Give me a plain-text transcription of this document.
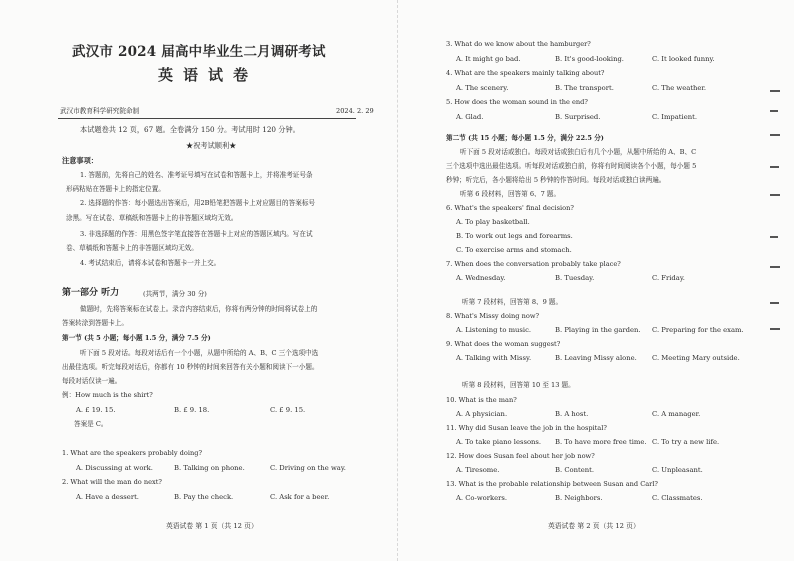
武汉市 2024 届高中毕业生二月调研考试
英语试卷
武汉市教育科学研究院命制	2024. 2. 29
本试题卷共 12 页，67 题。全卷满分 150 分。考试用时 120 分钟。
★祝考试顺利★
注意事项：
1. 答题前，先将自己的姓名、准考证号填写在试卷和答题卡上，并将准考证号条
形码粘贴在答题卡上的指定位置。
2. 选择题的作答：每小题选出答案后，用2B铅笔把答题卡上对应题目的答案标号
涂黑。写在试卷、草稿纸和答题卡上的非答题区域均无效。
3. 非选择题的作答：用黑色签字笔直接答在答题卡上对应的答题区域内。写在试
卷、草稿纸和答题卡上的非答题区域均无效。
4. 考试结束后，请将本试卷和答题卡一并上交。
第一部分 听力	(共两节，满分 30 分)
做题时，先将答案标在试卷上。录音内容结束后，你将有两分钟的时间将试卷上的
答案转涂到答题卡上。
第一节 (共 5 小题；每小题 1.5 分，满分 7.5 分)
听下面 5 段对话。每段对话后有一个小题，从题中所给的 A、B、C 三个选项中选
出最佳选项。听完每段对话后，你都有 10 秒钟的时间来回答有关小题和阅读下一小题。
每段对话仅读一遍。
例：How much is the shirt?
A. £ 19. 15.	B. £ 9. 18.	C. £ 9. 15.
答案是 C。
1. What are the speakers probably doing?
A. Discussing at work.	B. Talking on phone.	C. Driving on the way.
2. What will the man do next?
A. Have a dessert.	B. Pay the check.	C. Ask for a beer.
英语试卷 第 1 页（共 12 页）
3. What do we know about the hamburger?
A. It might go bad.	B. It's good-looking.	C. It looked funny.
4. What are the speakers mainly talking about?
A. The scenery.	B. The transport.	C. The weather.
5. How does the woman sound in the end?
A. Glad.	B. Surprised.	C. Impatient.
第二节 (共 15 小题；每小题 1.5 分，满分 22.5 分)
听下面 5 段对话或独白。每段对话或独白后有几个小题，从题中所给的 A、B、C
三个选项中选出最佳选项。听每段对话或独白前，你将有时间阅读各个小题，每小题 5
秒钟；听完后，各小题将给出 5 秒钟的作答时间。每段对话或独白读两遍。
听第 6 段材料，回答第 6、7 题。
6. What's the speakers' final decision?
A. To play basketball.
B. To work out legs and forearms.
C. To exercise arms and stomach.
7. When does the conversation probably take place?
A. Wednesday.	B. Tuesday.	C. Friday.
听第 7 段材料，回答第 8、9 题。
8. What's Missy doing now?
A. Listening to music.	B. Playing in the garden. C. Preparing for the exam.
9. What does the woman suggest?
A. Talking with Missy.	B. Leaving Missy alone. C. Meeting Mary outside.
听第 8 段材料，回答第 10 至 13 题。
10. What is the man?
A. A physician.	B. A host.	C. A manager.
11. Why did Susan leave the job in the hospital?
A. To take piano lessons. B. To have more free time. C. To try a new life.
12. How does Susan feel about her job now?
A. Tiresome.	B. Content.	C. Unpleasant.
13. What is the probable relationship between Susan and Carl?
A. Co-workers.	B. Neighbors.	C. Classmates.
英语试卷 第 2 页（共 12 页）
